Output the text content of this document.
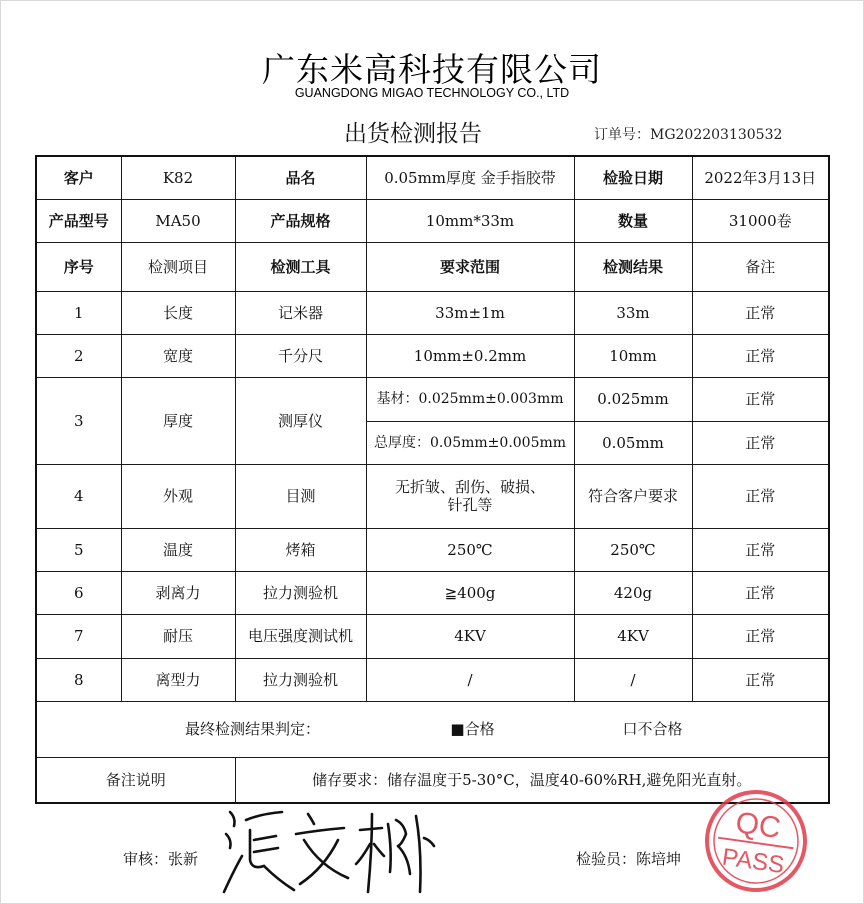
广东米高科技有限公司
GUANGDONG MIGAO TECHNOLOGY CO., LTD
出货检测报告	订单号：MG202203130532
客户	K82	品名	0.05mm厚度 金手指胶带	检验日期	2022年3月13日
产品型号	MA50	产品规格	10mm*33m	数量	31000卷
序号	检测项目	检测工具	要求范围	检测结果	备注
1	长度	记米器	33m±1m	33m	正常
2	宽度	千分尺	10mm±0.2mm	10mm	正常
3	厚度	测厚仪	基材：0.025mm±0.003mm	0.025mm	正常
			总厚度：0.05mm±0.005mm	0.05mm	正常
4	外观	目测	无折皱、刮伤、破损、
针孔等	符合客户要求	正常
5	温度	烤箱	250℃	250℃	正常
6	剥离力	拉力测验机	≧400g	420g	正常
7	耐压	电压强度测试机	4KV	4KV	正常
8	离型力	拉力测验机	/	/	正常
最终检测结果判定： ■合格 口不合格					
备注说明		储存要求：储存温度于5-30°C，温度40-60%RH,避免阳光直射。			
审核：张新	检验员：陈培坤
QC
PASS
